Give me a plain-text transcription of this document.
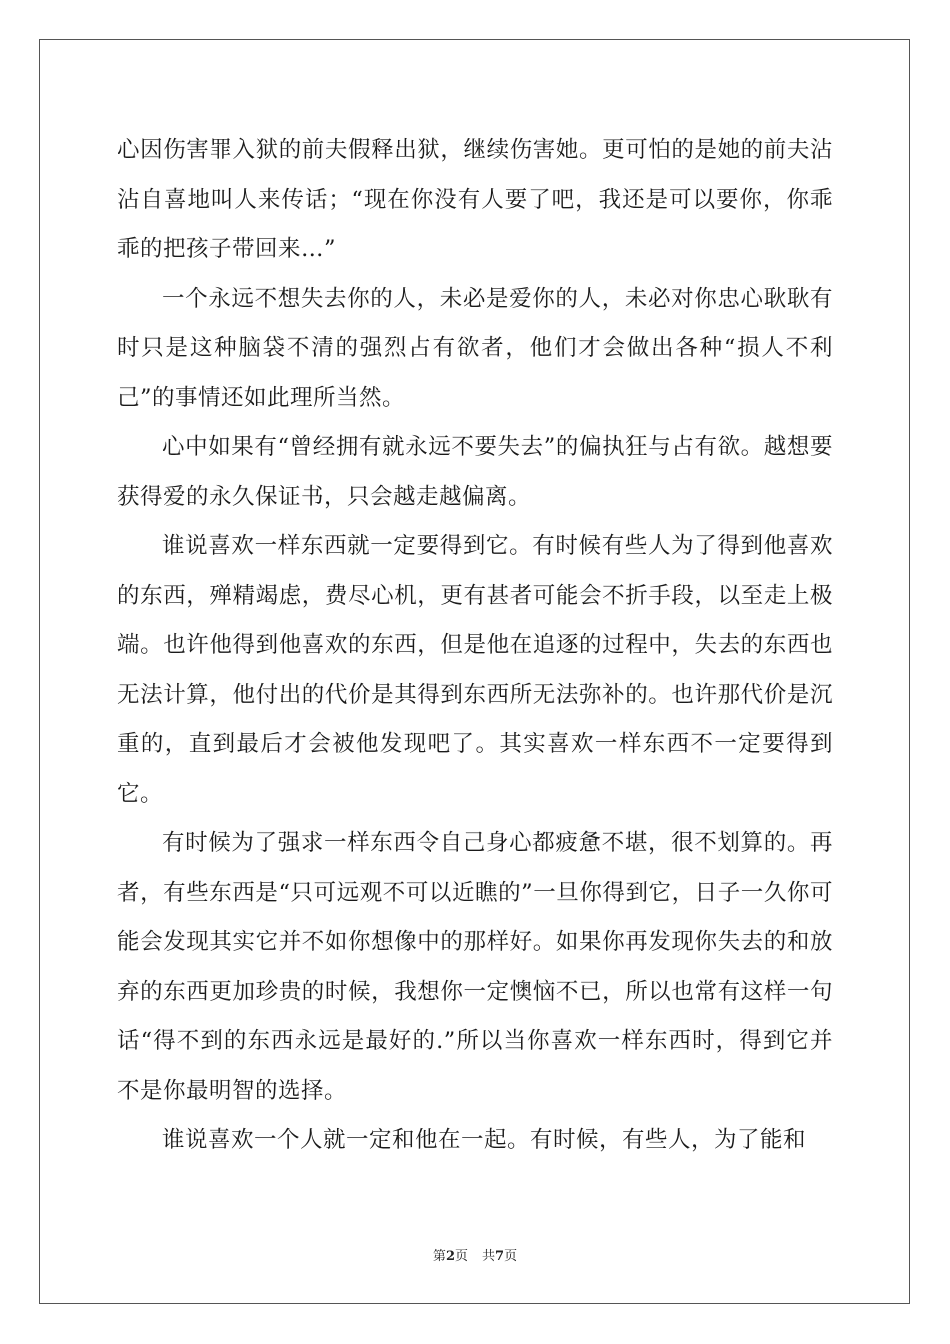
心因伤害罪入狱的前夫假释出狱，继续伤害她。更可怕的是她的前夫沾沾自喜地叫人来传话；“现在你没有人要了吧，我还是可以要你，你乖乖的把孩子带回来…”

一个永远不想失去你的人，未必是爱你的人，未必对你忠心耿耿有时只是这种脑袋不清的强烈占有欲者，他们才会做出各种“损人不利己”的事情还如此理所当然。

心中如果有“曾经拥有就永远不要失去”的偏执狂与占有欲。越想要获得爱的永久保证书，只会越走越偏离。

谁说喜欢一样东西就一定要得到它。有时候有些人为了得到他喜欢的东西，殚精竭虑，费尽心机，更有甚者可能会不折手段，以至走上极端。也许他得到他喜欢的东西，但是他在追逐的过程中，失去的东西也无法计算，他付出的代价是其得到东西所无法弥补的。也许那代价是沉重的，直到最后才会被他发现吧了。其实喜欢一样东西不一定要得到它。

有时候为了强求一样东西令自己身心都疲惫不堪，很不划算的。再者，有些东西是“只可远观不可以近瞧的”一旦你得到它，日子一久你可能会发现其实它并不如你想像中的那样好。如果你再发现你失去的和放弃的东西更加珍贵的时候，我想你一定懊恼不已，所以也常有这样一句话“得不到的东西永远是最好的.”所以当你喜欢一样东西时，得到它并不是你最明智的选择。

谁说喜欢一个人就一定和他在一起。有时候，有些人，为了能和

第2页 共7页
